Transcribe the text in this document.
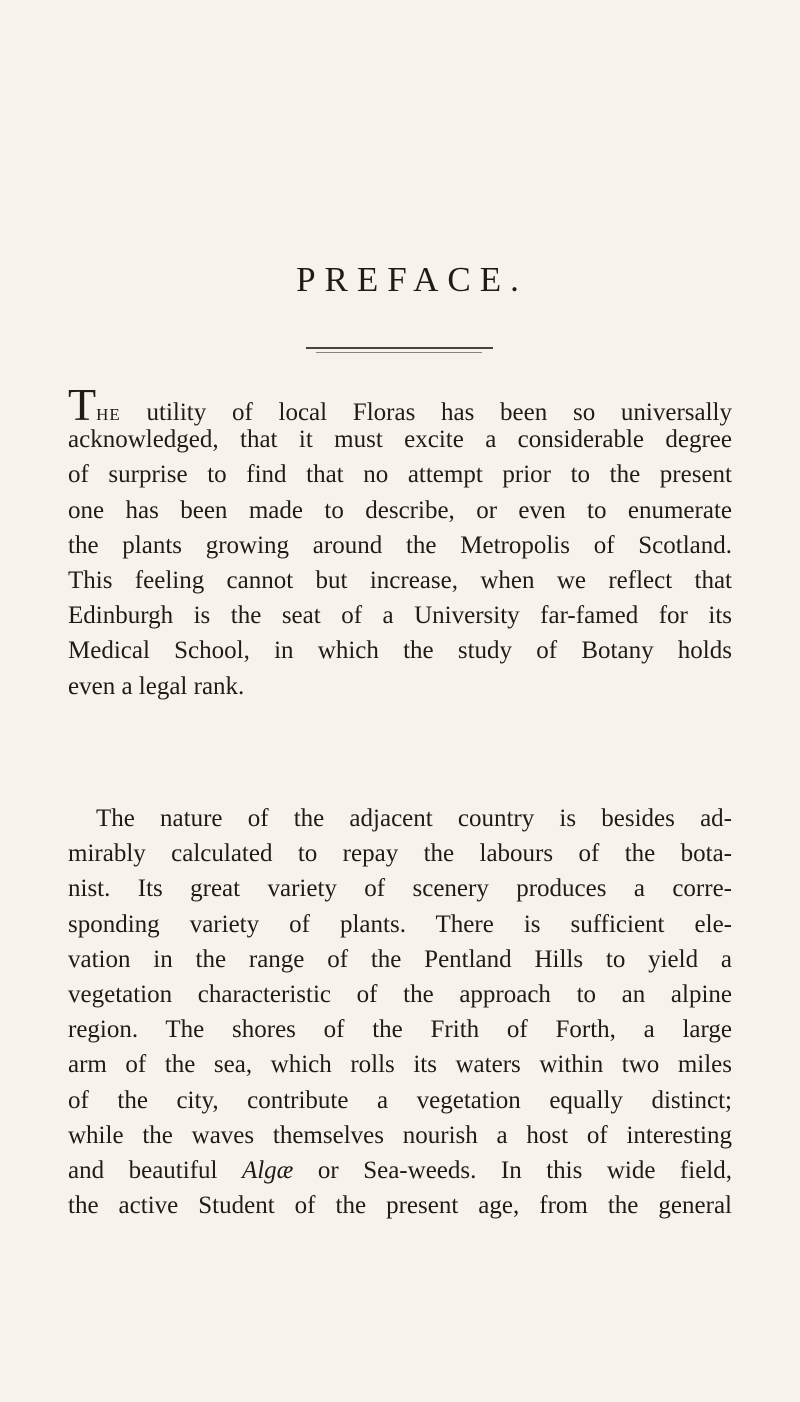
PREFACE.
THE utility of local Floras has been so universally
acknowledged, that it must excite a considerable degree
of surprise to find that no attempt prior to the present
one has been made to describe, or even to enumerate
the plants growing around the Metropolis of Scotland.
This feeling cannot but increase, when we reflect that
Edinburgh is the seat of a University far-famed for its
Medical School, in which the study of Botany holds
even a legal rank.
The nature of the adjacent country is besides ad-
mirably calculated to repay the labours of the bota-
nist. Its great variety of scenery produces a corre-
sponding variety of plants. There is sufficient ele-
vation in the range of the Pentland Hills to yield a
vegetation characteristic of the approach to an alpine
region. The shores of the Frith of Forth, a large
arm of the sea, which rolls its waters within two miles
of the city, contribute a vegetation equally distinct;
while the waves themselves nourish a host of interesting
and beautiful Algæ or Sea-weeds. In this wide field,
the active Student of the present age, from the general
